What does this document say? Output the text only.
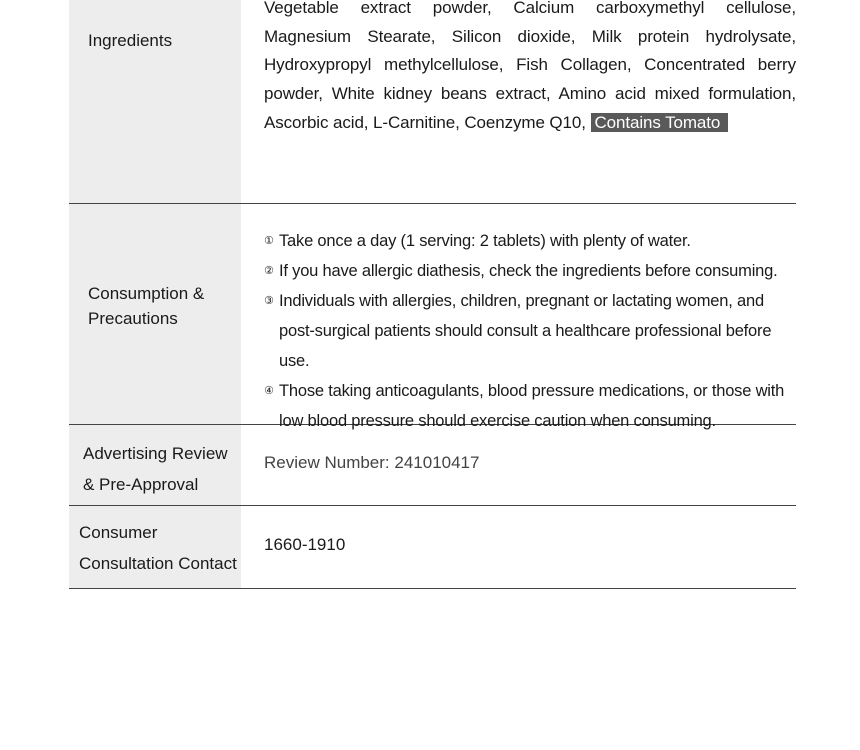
Ingredients
Vegetable extract powder, Calcium carboxymethyl cellulose, Magnesium Stearate, Silicon dioxide, Milk protein hydrolysate, Hydroxypropyl methylcellulose, Fish Collagen, Concentrated berry powder, White kidney beans extract, Amino acid mixed formulation, Ascorbic acid, L-Carnitine, Coenzyme Q10, Contains Tomato
Consumption &
Precautions
① Take once a day (1 serving: 2 tablets) with plenty of water.
② If you have allergic diathesis, check the ingredients before consuming.
③ Individuals with allergies, children, pregnant or lactating women, and post-surgical patients should consult a healthcare professional before use.
④ Those taking anticoagulants, blood pressure medications, or those with low blood pressure should exercise caution when consuming.
Advertising Review
& Pre-Approval
Review Number: 241010417
Consumer
Consultation Contact
1660-1910
